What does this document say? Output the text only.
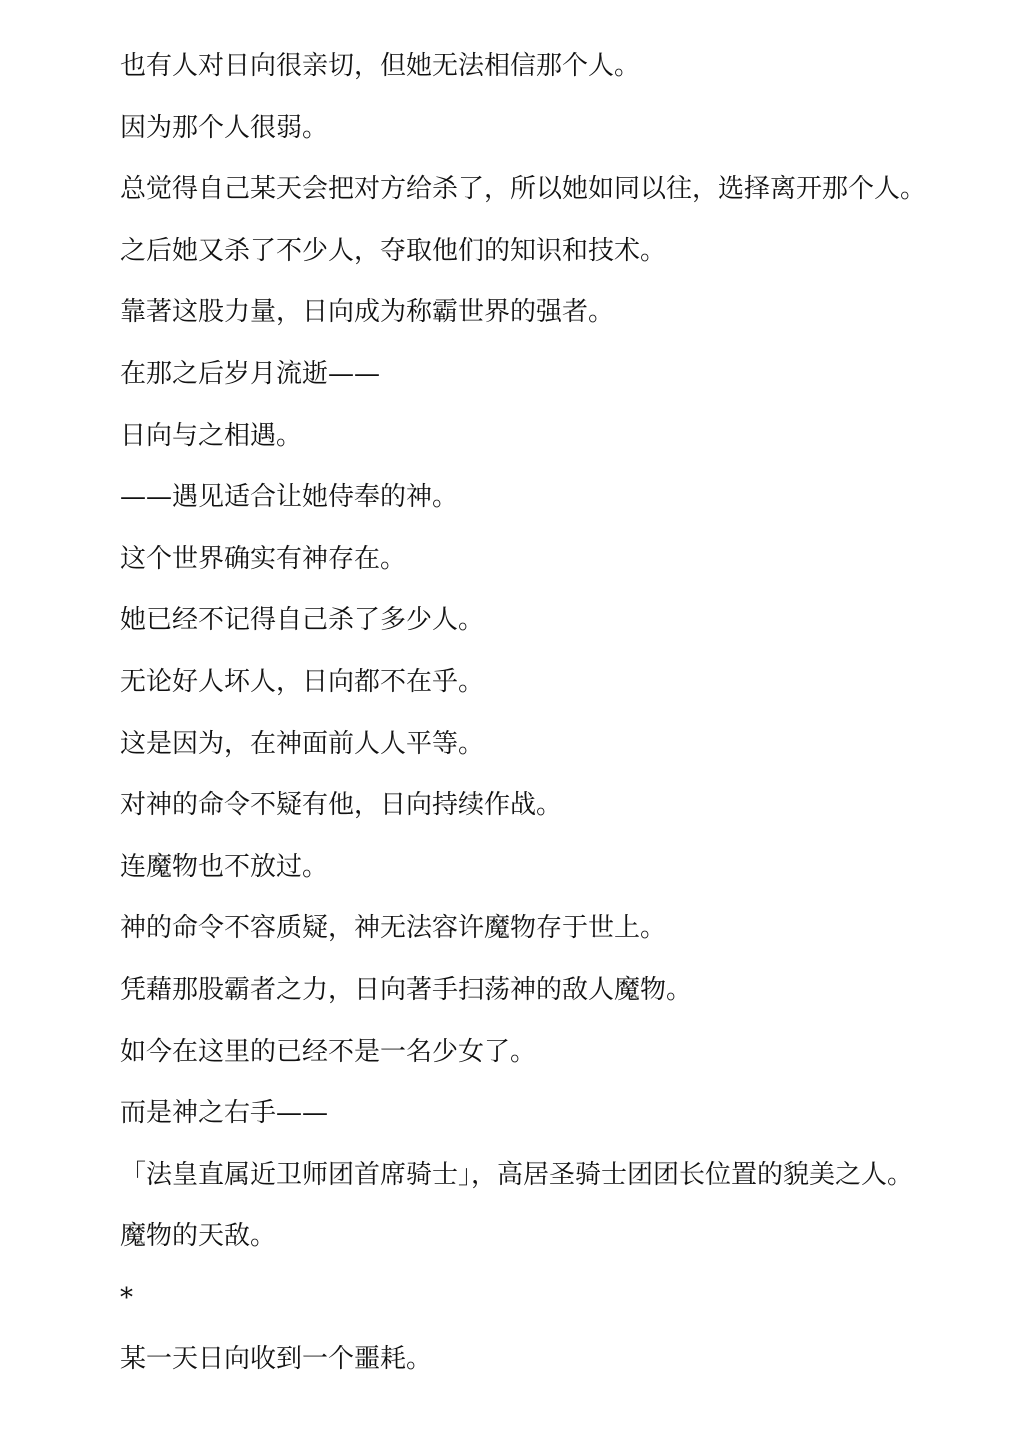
也有人对日向很亲切，但她无法相信那个人。

因为那个人很弱。

总觉得自己某天会把对方给杀了，所以她如同以往，选择离开那个人。

之后她又杀了不少人，夺取他们的知识和技术。

靠著这股力量，日向成为称霸世界的强者。

在那之后岁月流逝——

日向与之相遇。

——遇见适合让她侍奉的神。

这个世界确实有神存在。

她已经不记得自己杀了多少人。

无论好人坏人，日向都不在乎。

这是因为，在神面前人人平等。

对神的命令不疑有他，日向持续作战。

连魔物也不放过。

神的命令不容质疑，神无法容许魔物存于世上。

凭藉那股霸者之力，日向著手扫荡神的敌人魔物。

如今在这里的已经不是一名少女了。

而是神之右手——

「法皇直属近卫师团首席骑士」，高居圣骑士团团长位置的貌美之人。

魔物的天敌。

*

某一天日向收到一个噩耗。
